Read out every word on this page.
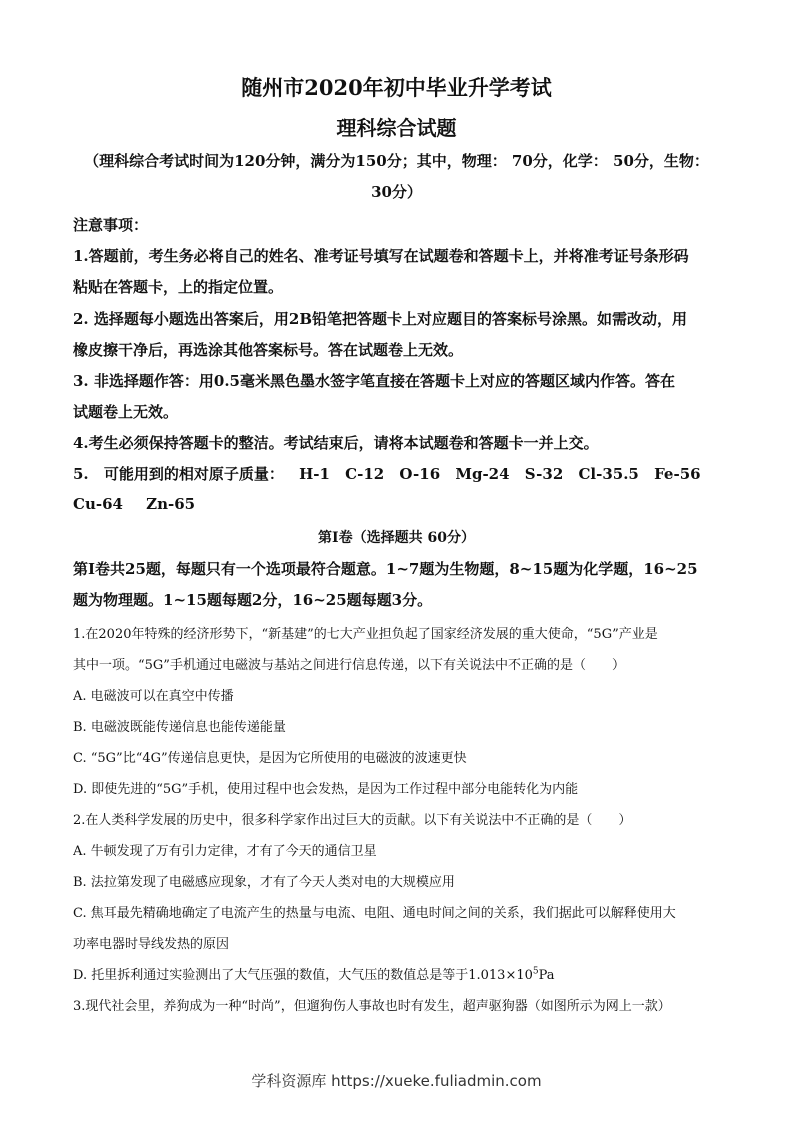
随州市2020年初中毕业升学考试
理科综合试题
（理科综合考试时间为120分钟，满分为150分；其中，物理： 70分，化学： 50分，生物：
30分）
注意事项：
1.答题前，考生务必将自己的姓名、准考证号填写在试题卷和答题卡上，并将准考证号条形码
粘贴在答题卡，上的指定位置。
2. 选择题每小题选出答案后，用2B铅笔把答题卡上对应题目的答案标号涂黑。如需改动，用
橡皮擦干净后，再选涂其他答案标号。答在试题卷上无效。
3. 非选择题作答：用0.5毫米黑色墨水签字笔直接在答题卡上对应的答题区域内作答。答在
试题卷上无效。
4.考生必须保持答题卡的整洁。考试结束后，请将本试题卷和答题卡一并上交。
5. 可能用到的相对原子质量： H-1 C-12 O-16 Mg-24 S-32 Cl-35.5 Fe-56
Cu-64 Zn-65
第I卷（选择题共 60分）
第I卷共25题，每题只有一个选项最符合题意。1~7题为生物题，8~15题为化学题，16~25
题为物理题。1~15题每题2分，16~25题每题3分。
1.在2020年特殊的经济形势下，“新基建”的七大产业担负起了国家经济发展的重大使命，“5G”产业是
其中一项。“5G”手机通过电磁波与基站之间进行信息传递，以下有关说法中不正确的是（　　）
A. 电磁波可以在真空中传播
B. 电磁波既能传递信息也能传递能量
C. “5G”比“4G”传递信息更快，是因为它所使用的电磁波的波速更快
D. 即使先进的“5G”手机，使用过程中也会发热，是因为工作过程中部分电能转化为内能
2.在人类科学发展的历史中，很多科学家作出过巨大的贡献。以下有关说法中不正确的是（　　）
A. 牛顿发现了万有引力定律，才有了今天的通信卫星
B. 法拉第发现了电磁感应现象，才有了今天人类对电的大规模应用
C. 焦耳最先精确地确定了电流产生的热量与电流、电阻、通电时间之间的关系，我们据此可以解释使用大
功率电器时导线发热的原因
D. 托里拆利通过实验测出了大气压强的数值，大气压的数值总是等于$1.013\times 10^5Pa$
3.现代社会里，养狗成为一种“时尚”，但遛狗伤人事故也时有发生，超声驱狗器（如图所示为网上一款）
学科资源库 https://xueke.fuliadmin.com
